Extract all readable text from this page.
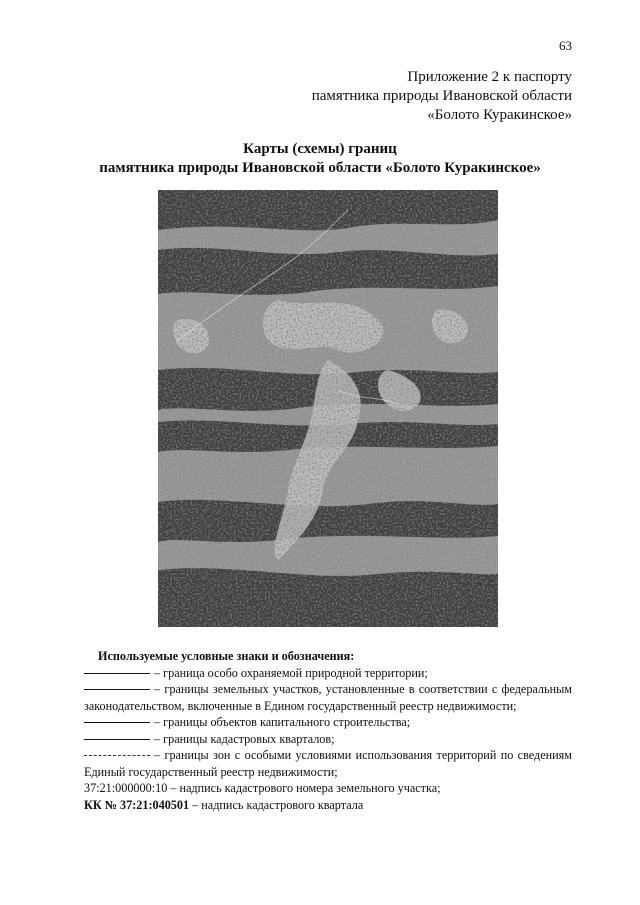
63
Приложение 2 к паспорту
памятника природы Ивановской области
«Болото Куракинское»
Карты (схемы) границ
памятника природы Ивановской области «Болото Куракинское»
Используемые условные знаки и обозначения:
– граница особо охраняемой природной территории;
– границы земельных участков, установленные в соответствии с федеральным законодательством, включенные в Едином государственный реестр недвижимости;
– границы объектов капитального строительства;
– границы кадастровых кварталов;
– границы зон с особыми условиями использования территорий по сведениям Единый государственный реестр недвижимости;
37:21:000000:10 – надпись кадастрового номера земельного участка;
КК № 37:21:040501 – надпись кадастрового квартала
